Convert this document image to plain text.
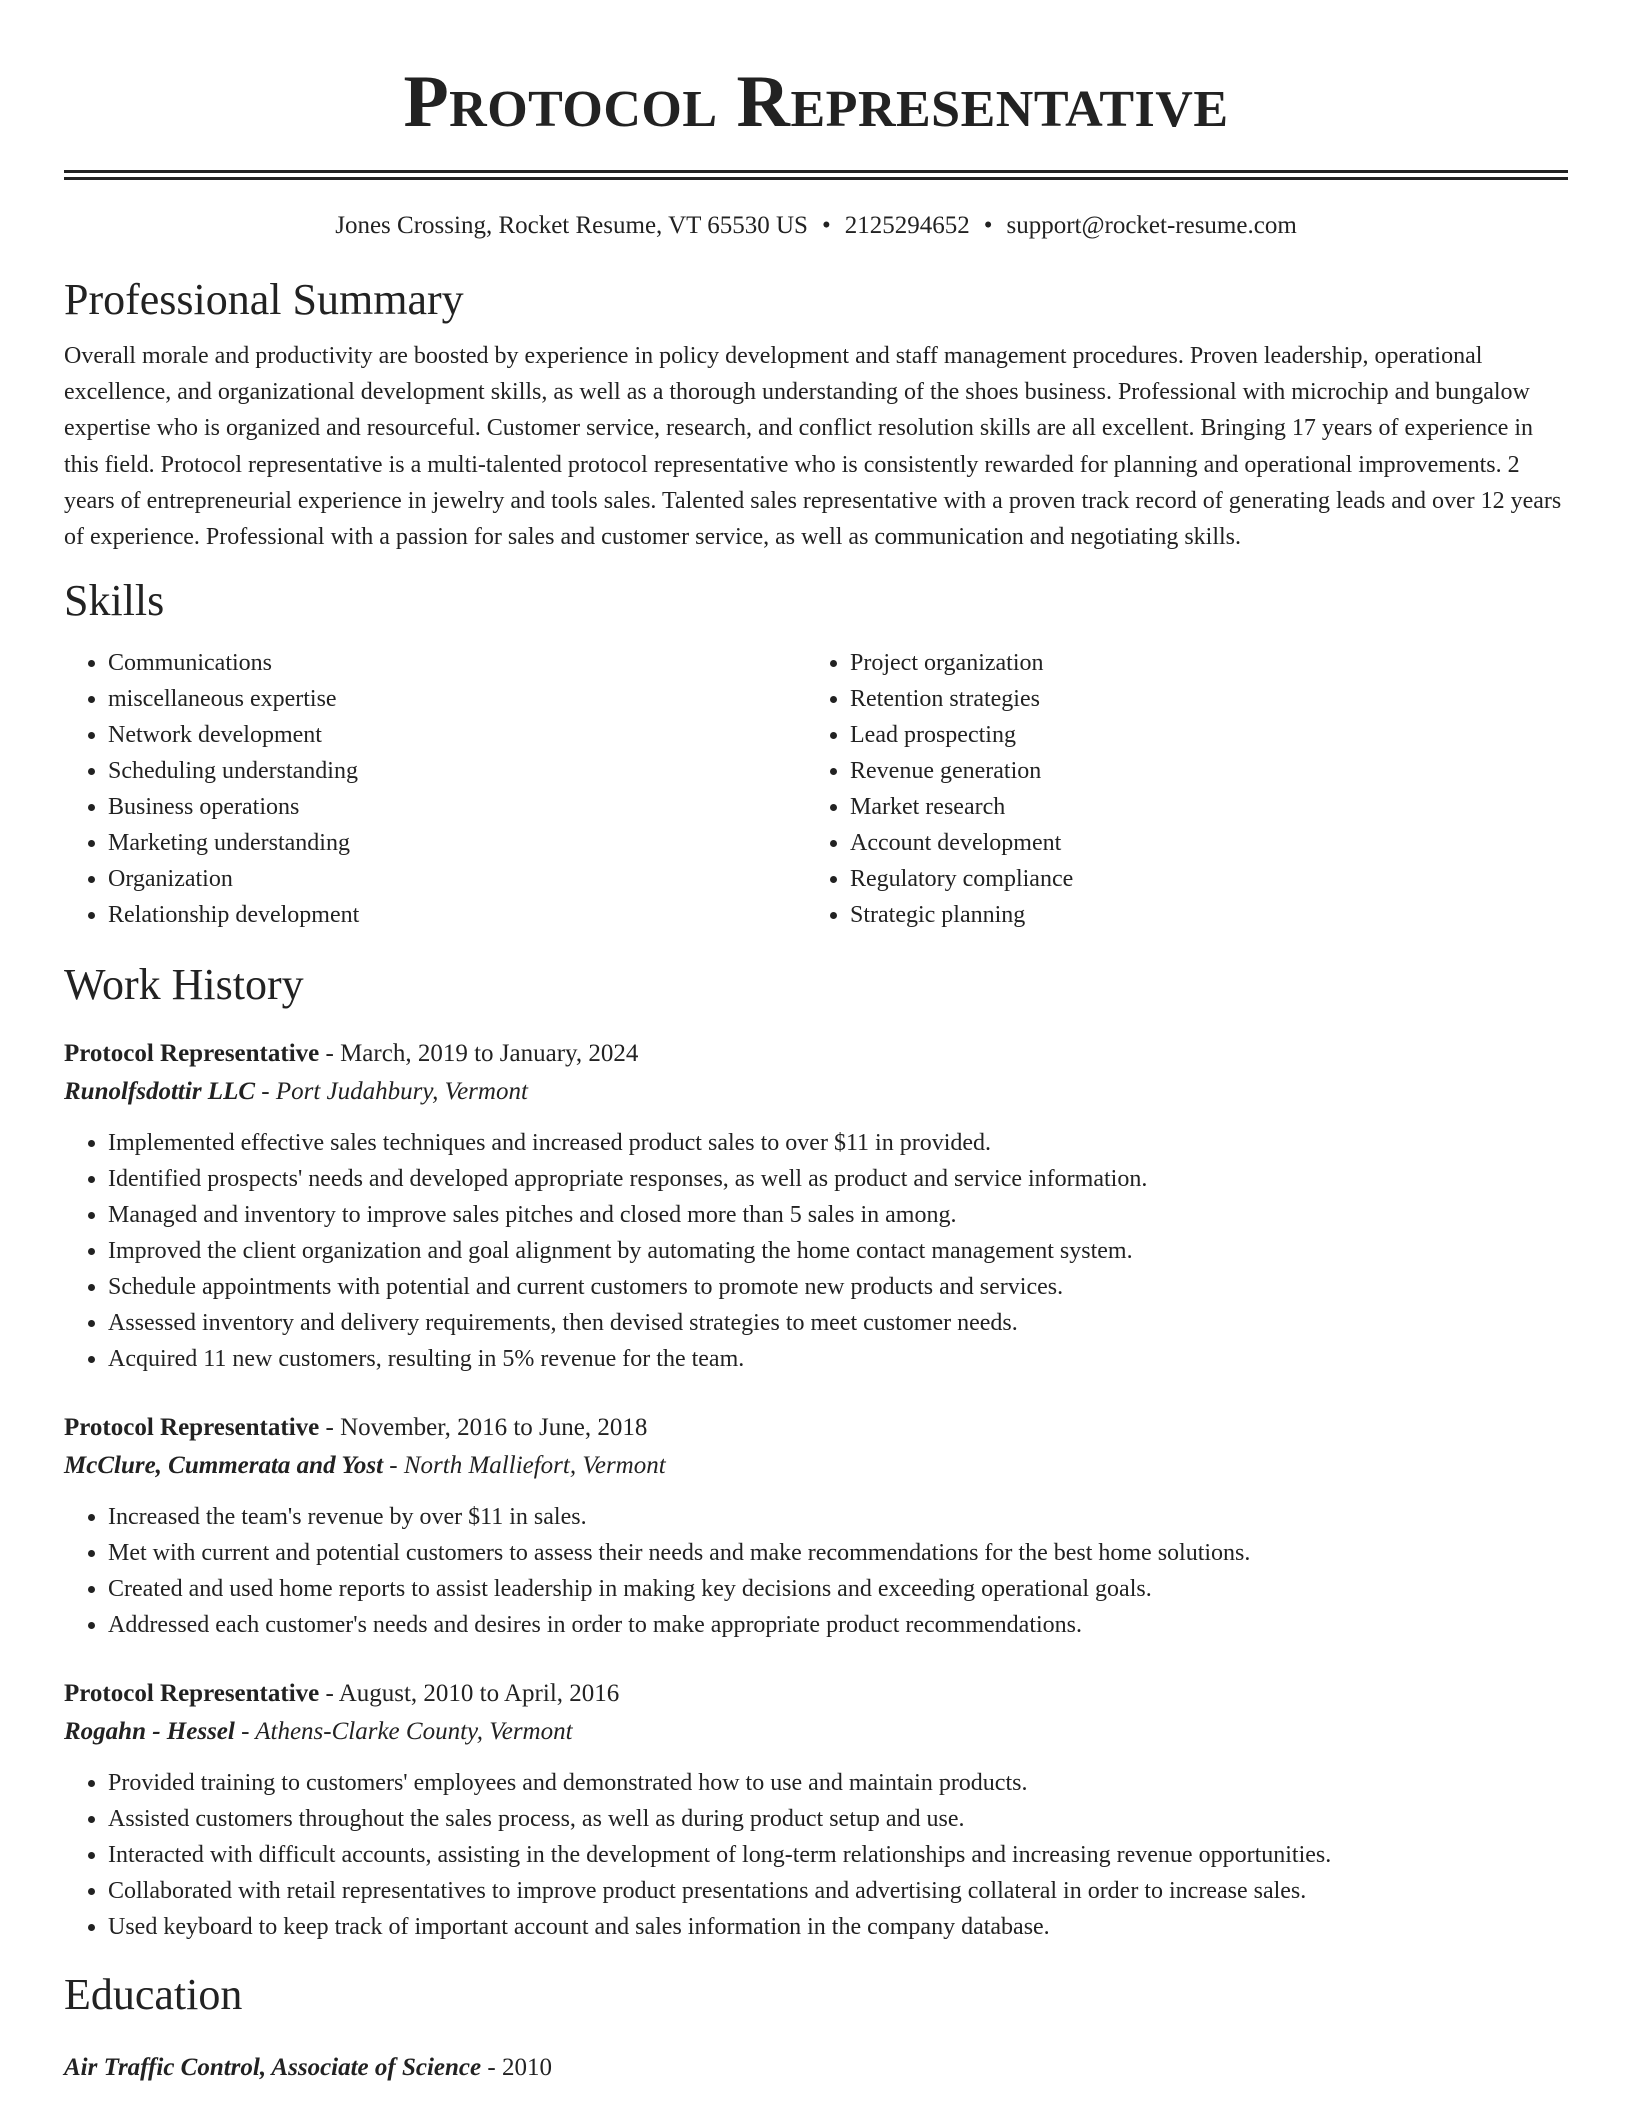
Protocol Representative
Jones Crossing, Rocket Resume, VT 65530 US • 2125294652 • support@rocket-resume.com
Professional Summary
Overall morale and productivity are boosted by experience in policy development and staff management procedures. Proven leadership, operational excellence, and organizational development skills, as well as a thorough understanding of the shoes business. Professional with microchip and bungalow expertise who is organized and resourceful. Customer service, research, and conflict resolution skills are all excellent. Bringing 17 years of experience in this field. Protocol representative is a multi-talented protocol representative who is consistently rewarded for planning and operational improvements. 2 years of entrepreneurial experience in jewelry and tools sales. Talented sales representative with a proven track record of generating leads and over 12 years of experience. Professional with a passion for sales and customer service, as well as communication and negotiating skills.
Skills
• Communications
• miscellaneous expertise
• Network development
• Scheduling understanding
• Business operations
• Marketing understanding
• Organization
• Relationship development
• Project organization
• Retention strategies
• Lead prospecting
• Revenue generation
• Market research
• Account development
• Regulatory compliance
• Strategic planning
Work History
Protocol Representative - March, 2019 to January, 2024
Runolfsdottir LLC - Port Judahbury, Vermont
• Implemented effective sales techniques and increased product sales to over $11 in provided.
• Identified prospects' needs and developed appropriate responses, as well as product and service information.
• Managed and inventory to improve sales pitches and closed more than 5 sales in among.
• Improved the client organization and goal alignment by automating the home contact management system.
• Schedule appointments with potential and current customers to promote new products and services.
• Assessed inventory and delivery requirements, then devised strategies to meet customer needs.
• Acquired 11 new customers, resulting in 5% revenue for the team.
Protocol Representative - November, 2016 to June, 2018
McClure, Cummerata and Yost - North Malliefort, Vermont
• Increased the team's revenue by over $11 in sales.
• Met with current and potential customers to assess their needs and make recommendations for the best home solutions.
• Created and used home reports to assist leadership in making key decisions and exceeding operational goals.
• Addressed each customer's needs and desires in order to make appropriate product recommendations.
Protocol Representative - August, 2010 to April, 2016
Rogahn - Hessel - Athens-Clarke County, Vermont
• Provided training to customers' employees and demonstrated how to use and maintain products.
• Assisted customers throughout the sales process, as well as during product setup and use.
• Interacted with difficult accounts, assisting in the development of long-term relationships and increasing revenue opportunities.
• Collaborated with retail representatives to improve product presentations and advertising collateral in order to increase sales.
• Used keyboard to keep track of important account and sales information in the company database.
Education
Air Traffic Control, Associate of Science - 2010
